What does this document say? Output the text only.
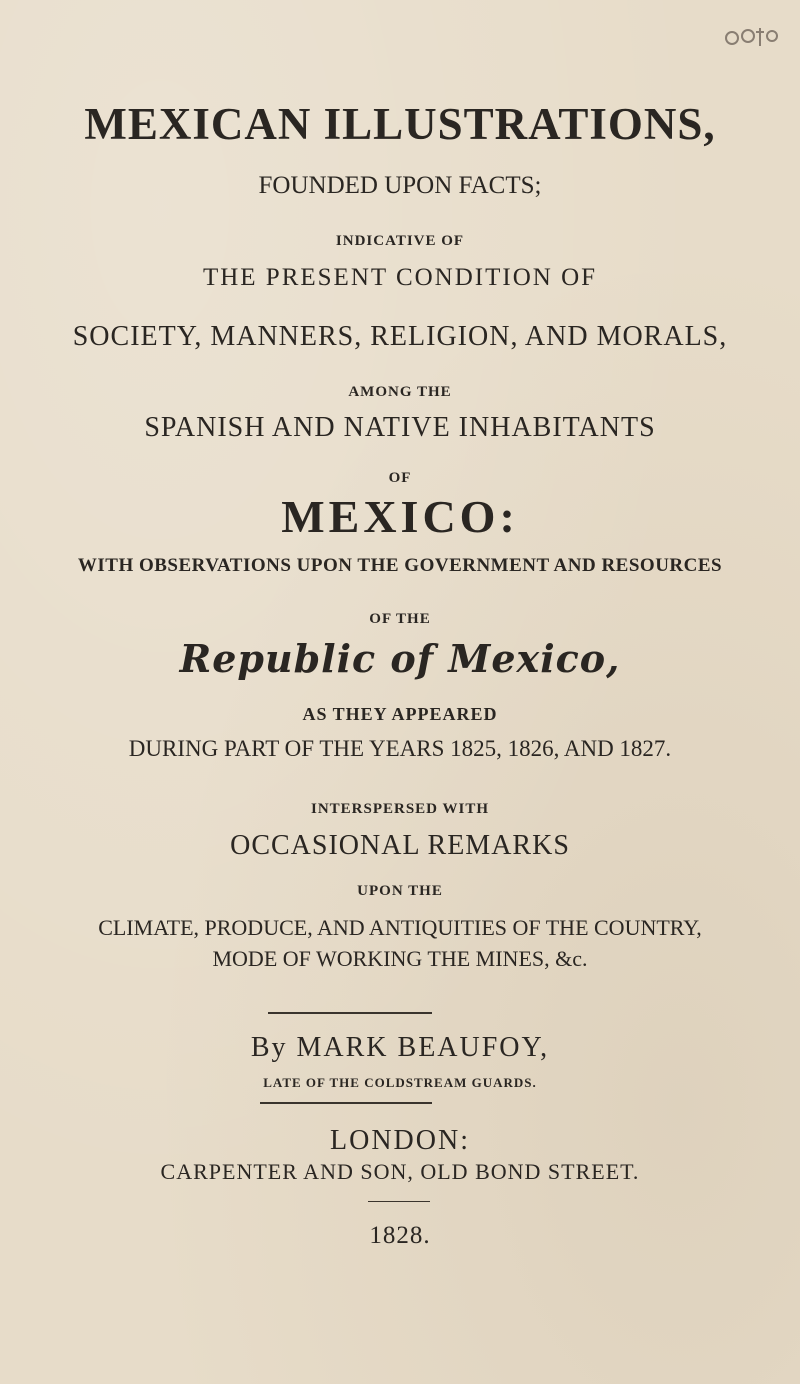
MEXICAN ILLUSTRATIONS,
FOUNDED UPON FACTS;
INDICATIVE OF
THE PRESENT CONDITION OF
SOCIETY, MANNERS, RELIGION, AND MORALS,
AMONG THE
SPANISH AND NATIVE INHABITANTS
OF
MEXICO:
WITH OBSERVATIONS UPON THE GOVERNMENT AND RESOURCES
OF THE
Republic of Mexico,
AS THEY APPEARED
DURING PART OF THE YEARS 1825, 1826, AND 1827.
INTERSPERSED WITH
OCCASIONAL REMARKS
UPON THE
CLIMATE, PRODUCE, AND ANTIQUITIES OF THE COUNTRY,
MODE OF WORKING THE MINES, &c.
By MARK BEAUFOY,
LATE OF THE COLDSTREAM GUARDS.
LONDON:
CARPENTER AND SON, OLD BOND STREET.
1828.
